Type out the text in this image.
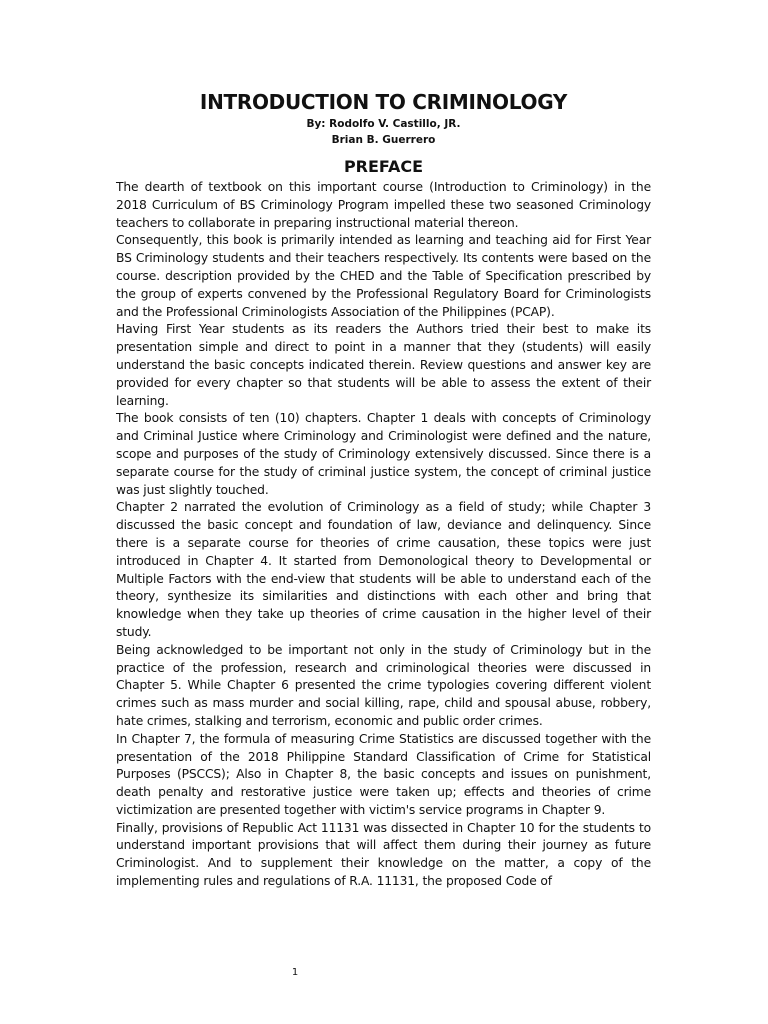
INTRODUCTION TO CRIMINOLOGY

By: Rodolfo V. Castillo, JR.

Brian B. Guerrero

PREFACE

The dearth of textbook on this important course (Introduction to Criminology) in the 2018 Curriculum of BS Criminology Program impelled these two seasoned Criminology teachers to collaborate in preparing instructional material thereon.

Consequently, this book is primarily intended as learning and teaching aid for First Year BS Criminology students and their teachers respectively. Its contents were based on the course. description provided by the CHED and the Table of Specification prescribed by the group of experts convened by the Professional Regulatory Board for Criminologists and the Professional Criminologists Association of the Philippines (PCAP).

Having First Year students as its readers the Authors tried their best to make its presentation simple and direct to point in a manner that they (students) will easily understand the basic concepts indicated therein. Review questions and answer key are provided for every chapter so that students will be able to assess the extent of their learning.

The book consists of ten (10) chapters. Chapter 1 deals with concepts of Criminology and Criminal Justice where Criminology and Criminologist were defined and the nature, scope and purposes of the study of Criminology extensively discussed. Since there is a separate course for the study of criminal justice system, the concept of criminal justice was just slightly touched.

Chapter 2 narrated the evolution of Criminology as a field of study; while Chapter 3 discussed the basic concept and foundation of law, deviance and delinquency. Since there is a separate course for theories of crime causation, these topics were just introduced in Chapter 4. It started from Demonological theory to Developmental or Multiple Factors with the end-view that students will be able to understand each of the theory, synthesize its similarities and distinctions with each other and bring that knowledge when they take up theories of crime causation in the higher level of their study.

Being acknowledged to be important not only in the study of Criminology but in the practice of the profession, research and criminological theories were discussed in Chapter 5. While Chapter 6 presented the crime typologies covering different violent crimes such as mass murder and social killing, rape, child and spousal abuse, robbery, hate crimes, stalking and terrorism, economic and public order crimes.

In Chapter 7, the formula of measuring Crime Statistics are discussed together with the presentation of the 2018 Philippine Standard Classification of Crime for Statistical Purposes (PSCCS); Also in Chapter 8, the basic concepts and issues on punishment, death penalty and restorative justice were taken up; effects and theories of crime victimization are presented together with victim's service programs in Chapter 9.

Finally, provisions of Republic Act 11131 was dissected in Chapter 10 for the students to understand important provisions that will affect them during their journey as future Criminologist. And to supplement their knowledge on the matter, a copy of the implementing rules and regulations of R.A. 11131, the proposed Code of

1
